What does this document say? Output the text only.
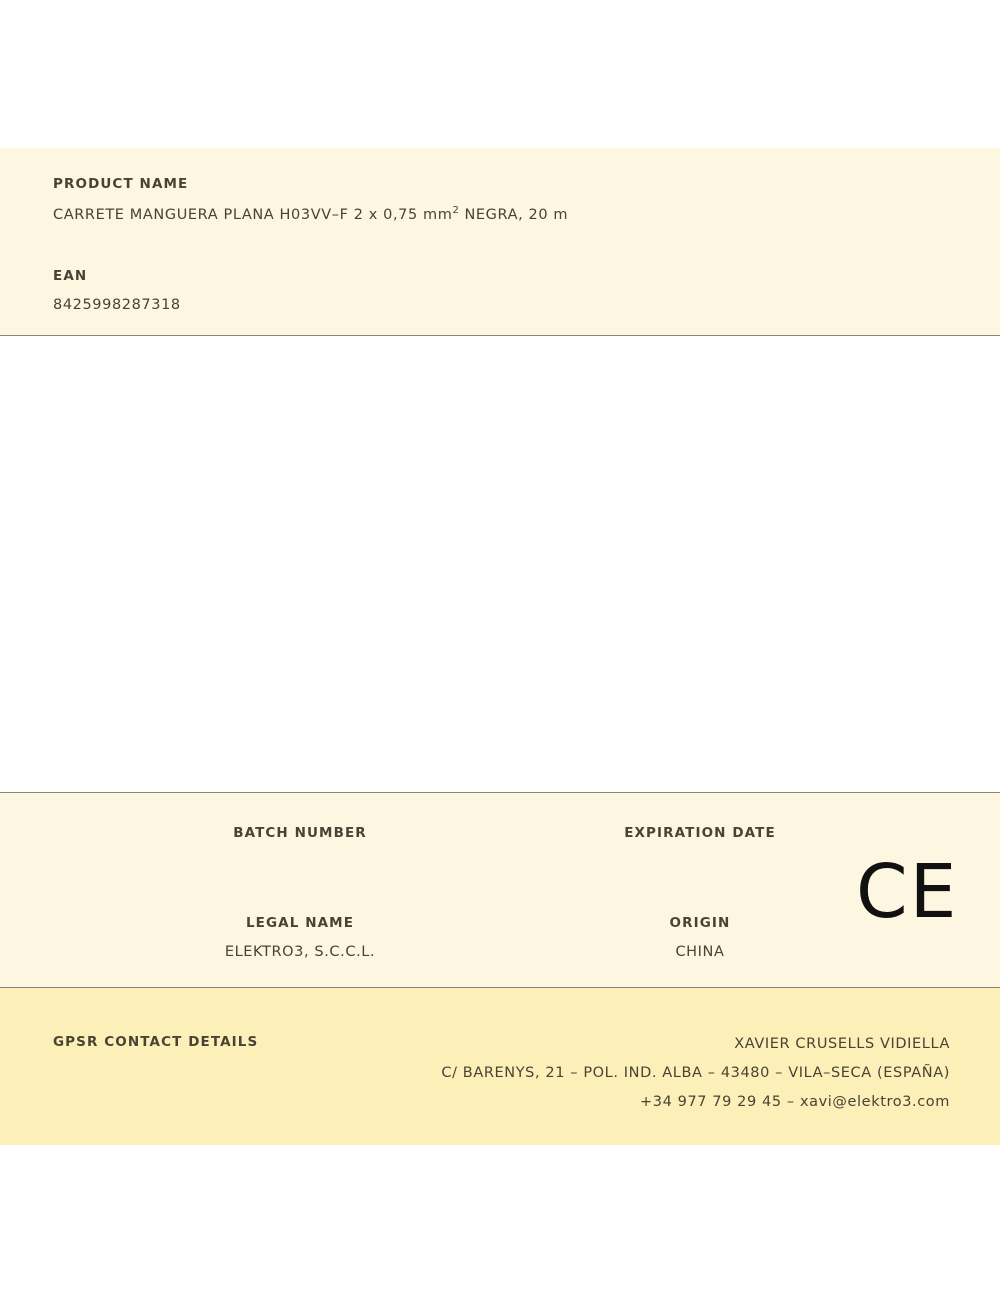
PRODUCT NAME
CARRETE MANGUERA PLANA H03VV–F 2 x 0,75 $mm^2$ NEGRA, 20 m
EAN
8425998287318
BATCH NUMBER	EXPIRATION DATE
LEGAL NAME
ELEKTRO3, S.C.C.L.
ORIGIN
CHINA
CE
GPSR CONTACT DETAILS	XAVIER CRUSELLS VIDIELLA
C/ BARENYS, 21 – POL. IND. ALBA – 43480 – VILA–SECA (ESPAÑA)
+34 977 79 29 45 – xavi@elektro3.com
